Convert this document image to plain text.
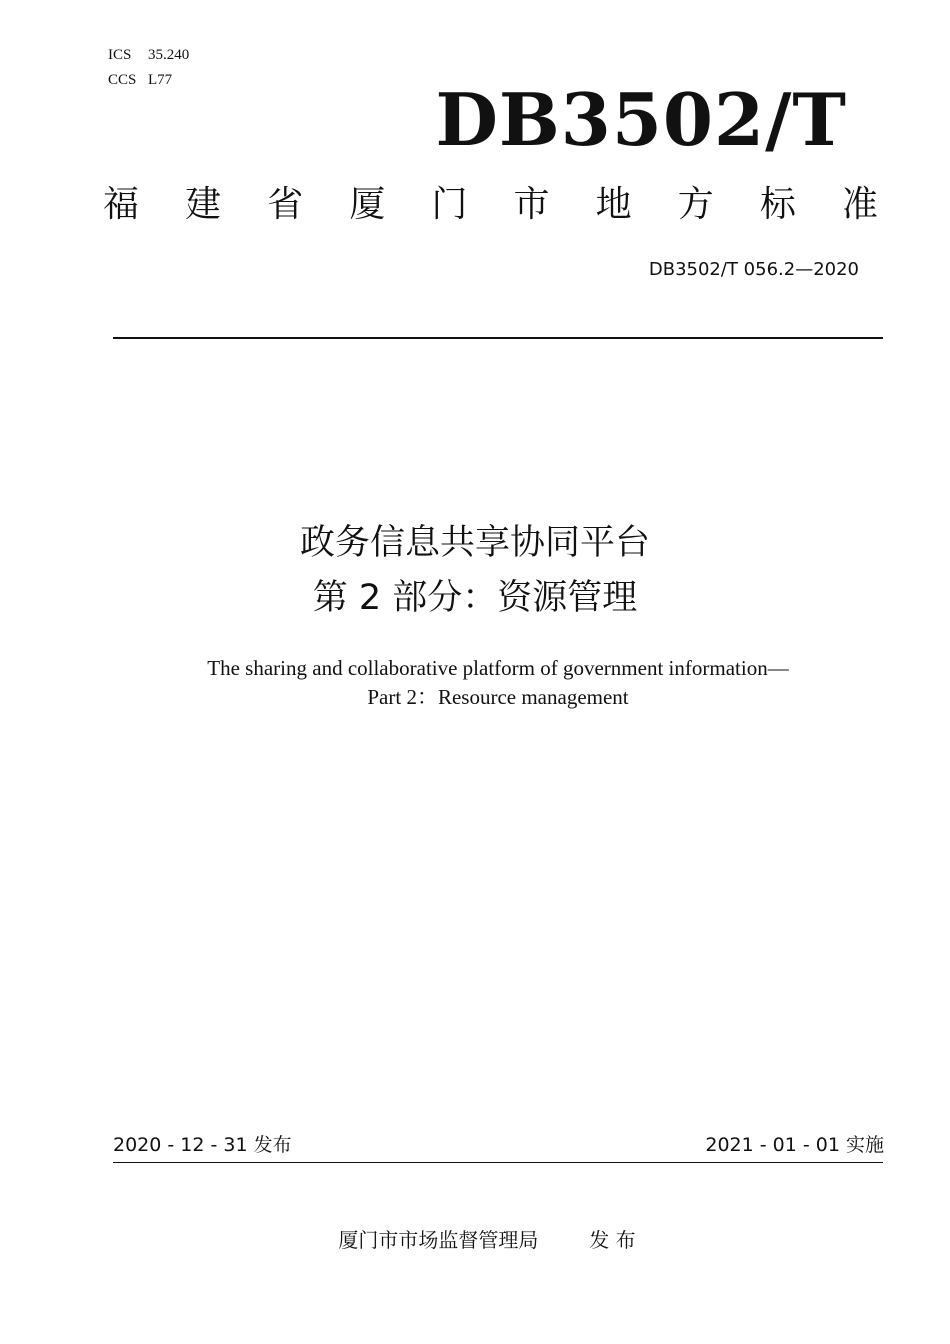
ICS 35.240
CCS L77	DB3502/T
福 建 省 厦 门 市 地 方 标 准
DB3502/T 056.2—2020
政务信息共享协同平台
第 2 部分：资源管理
The sharing and collaborative platform of government information—
Part 2：Resource management
2020 - 12 - 31 发布	2021 - 01 - 01 实施
厦门市市场监督管理局	发 布
